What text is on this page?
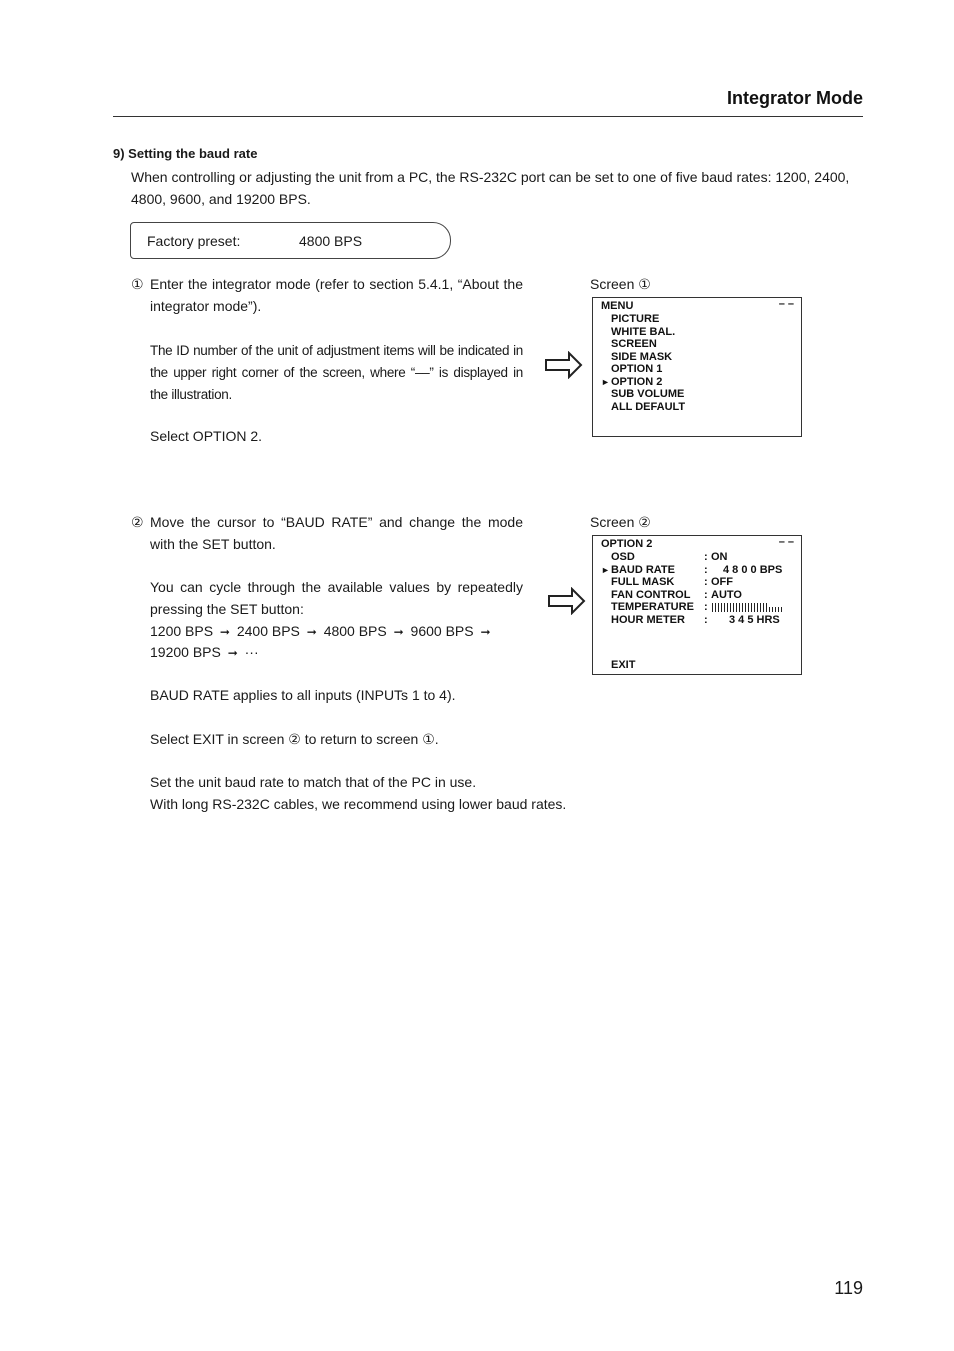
Integrator Mode
9) Setting the baud rate
When controlling or adjusting the unit from a PC, the RS-232C port can be set to one of five baud rates: 1200, 2400, 4800, 9600, and 19200 BPS.
Factory preset:	4800 BPS
① Enter the integrator mode (refer to section 5.4.1, “About the integrator mode”).
The ID number of the unit of adjustment items will be indicated in the upper right corner of the screen, where “––” is displayed in the illustration.
Select OPTION 2.
Screen ①
MENU	– –
PICTURE
WHITE BAL.
SCREEN
SIDE MASK
OPTION 1
► OPTION 2
SUB VOLUME
ALL DEFAULT
② Move the cursor to “BAUD RATE” and change the mode with the SET button.
You can cycle through the available values by repeatedly pressing the SET button:
1200 BPS ➞ 2400 BPS ➞ 4800 BPS ➞ 9600 BPS ➞
19200 BPS ➞ ···
BAUD RATE applies to all inputs (INPUTs 1 to 4).
Select EXIT in screen ② to return to screen ①.
Set the unit baud rate to match that of the PC in use.
With long RS-232C cables, we recommend using lower baud rates.
Screen ②
OPTION 2	– –
OSD	: ON
► BAUD RATE	: 4 8 0 0 BPS
FULL MASK	: OFF
FAN CONTROL : AUTO
TEMPERATURE :
HOUR METER : 3 4 5 HRS
EXIT
119
